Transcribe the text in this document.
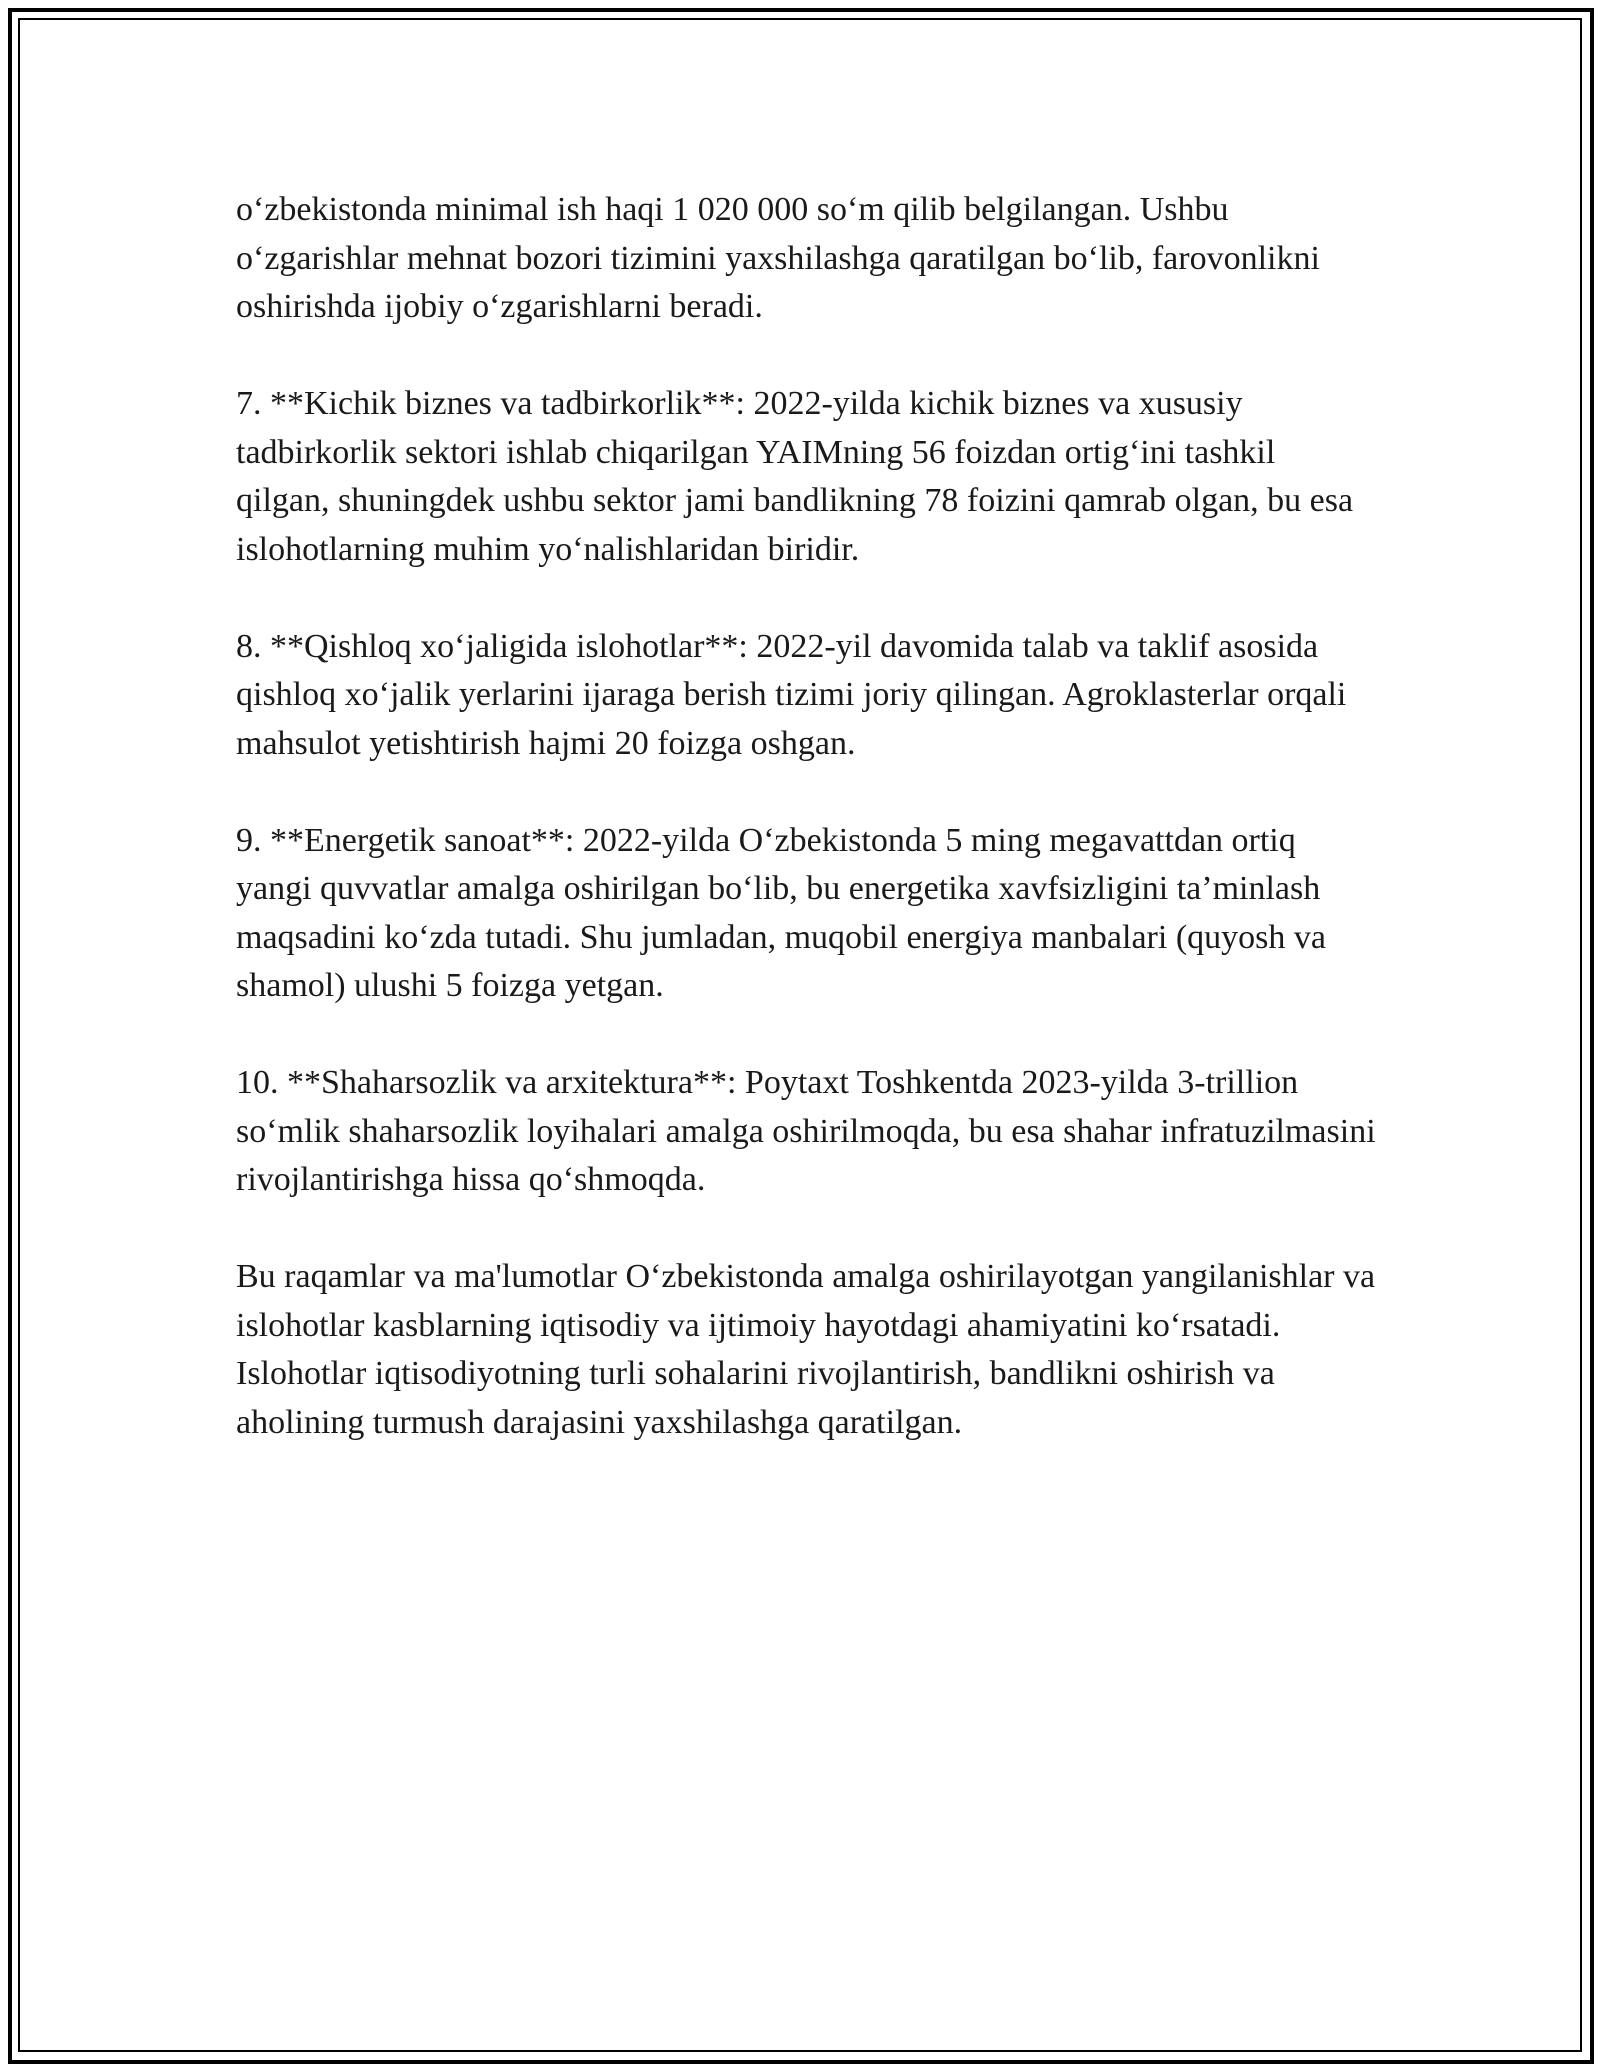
o‘zbekistonda minimal ish haqi 1 020 000 so‘m qilib belgilangan. Ushbu o‘zgarishlar mehnat bozori tizimini yaxshilashga qaratilgan bo‘lib, farovonlikni oshirishda ijobiy o‘zgarishlarni beradi.

7. **Kichik biznes va tadbirkorlik**: 2022-yilda kichik biznes va xususiy tadbirkorlik sektori ishlab chiqarilgan YAIMning 56 foizdan ortig‘ini tashkil qilgan, shuningdek ushbu sektor jami bandlikning 78 foizini qamrab olgan, bu esa islohotlarning muhim yo‘nalishlaridan biridir.

8. **Qishloq xo‘jaligida islohotlar**: 2022-yil davomida talab va taklif asosida qishloq xo‘jalik yerlarini ijaraga berish tizimi joriy qilingan. Agroklasterlar orqali mahsulot yetishtirish hajmi 20 foizga oshgan.

9. **Energetik sanoat**: 2022-yilda O‘zbekistonda 5 ming megavattdan ortiq yangi quvvatlar amalga oshirilgan bo‘lib, bu energetika xavfsizligini ta’minlash maqsadini ko‘zda tutadi. Shu jumladan, muqobil energiya manbalari (quyosh va shamol) ulushi 5 foizga yetgan.

10. **Shaharsozlik va arxitektura**: Poytaxt Toshkentda 2023-yilda 3-trillion so‘mlik shaharsozlik loyihalari amalga oshirilmoqda, bu esa shahar infratuzilmasini rivojlantirishga hissa qo‘shmoqda.

Bu raqamlar va ma'lumotlar O‘zbekistonda amalga oshirilayotgan yangilanishlar va islohotlar kasblarning iqtisodiy va ijtimoiy hayotdagi ahamiyatini ko‘rsatadi. Islohotlar iqtisodiyotning turli sohalarini rivojlantirish, bandlikni oshirish va aholining turmush darajasini yaxshilashga qaratilgan.
